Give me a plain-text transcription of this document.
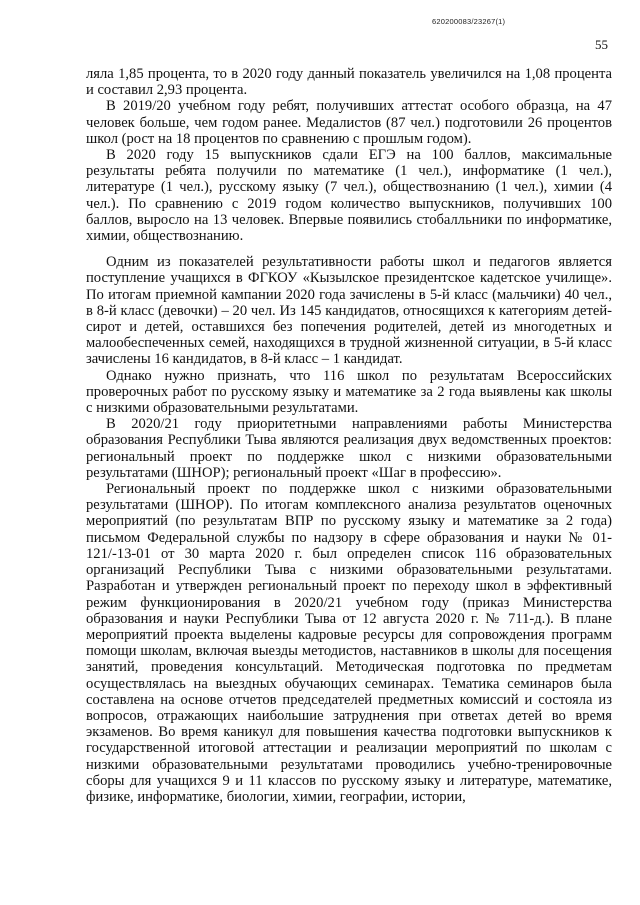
620200083/23267(1)
55

ляла 1,85 процента, то в 2020 году данный показатель увеличился на 1,08 процента и составил 2,93 процента.

В 2019/20 учебном году ребят, получивших аттестат особого образца, на 47 человек больше, чем годом ранее. Медалистов (87 чел.) подготовили 26 процентов школ (рост на 18 процентов по сравнению с прошлым годом).

В 2020 году 15 выпускников сдали ЕГЭ на 100 баллов, максимальные результаты ребята получили по математике (1 чел.), информатике (1 чел.), литературе (1 чел.), русскому языку (7 чел.), обществознанию (1 чел.), химии (4 чел.). По сравнению с 2019 годом количество выпускников, получивших 100 баллов, выросло на 13 человек. Впервые появились стобалльники по информатике, химии, обществознанию.

Одним из показателей результативности работы школ и педагогов является поступление учащихся в ФГКОУ «Кызылское президентское кадетское училище». По итогам приемной кампании 2020 года зачислены в 5-й класс (мальчики) 40 чел., в 8-й класс (девочки) – 20 чел. Из 145 кандидатов, относящихся к категориям детей-сирот и детей, оставшихся без попечения родителей, детей из многодетных и малообеспеченных семей, находящихся в трудной жизненной ситуации, в 5-й класс зачислены 16 кандидатов, в 8-й класс – 1 кандидат.

Однако нужно признать, что 116 школ по результатам Всероссийских проверочных работ по русскому языку и математике за 2 года выявлены как школы с низкими образовательными результатами.

В 2020/21 году приоритетными направлениями работы Министерства образования Республики Тыва являются реализация двух ведомственных проектов: региональный проект по поддержке школ с низкими образовательными результатами (ШНОР); региональный проект «Шаг в профессию».

Региональный проект по поддержке школ с низкими образовательными результатами (ШНОР). По итогам комплексного анализа результатов оценочных мероприятий (по результатам ВПР по русскому языку и математике за 2 года) письмом Федеральной службы по надзору в сфере образования и науки № 01-121/-13-01 от 30 марта 2020 г. был определен список 116 образовательных организаций Республики Тыва с низкими образовательными результатами. Разработан и утвержден региональный проект по переходу школ в эффективный режим функционирования в 2020/21 учебном году (приказ Министерства образования и науки Республики Тыва от 12 августа 2020 г. № 711-д.). В плане мероприятий проекта выделены кадровые ресурсы для сопровождения программ помощи школам, включая выезды методистов, наставников в школы для посещения занятий, проведения консультаций. Методическая подготовка по предметам осуществлялась на выездных обучающих семинарах. Тематика семинаров была составлена на основе отчетов председателей предметных комиссий и состояла из вопросов, отражающих наибольшие затруднения при ответах детей во время экзаменов. Во время каникул для повышения качества подготовки выпускников к государственной итоговой аттестации и реализации мероприятий по школам с низкими образовательными результатами проводились учебно-тренировочные сборы для учащихся 9 и 11 классов по русскому языку и литературе, математике, физике, информатике, биологии, химии, географии, истории,
